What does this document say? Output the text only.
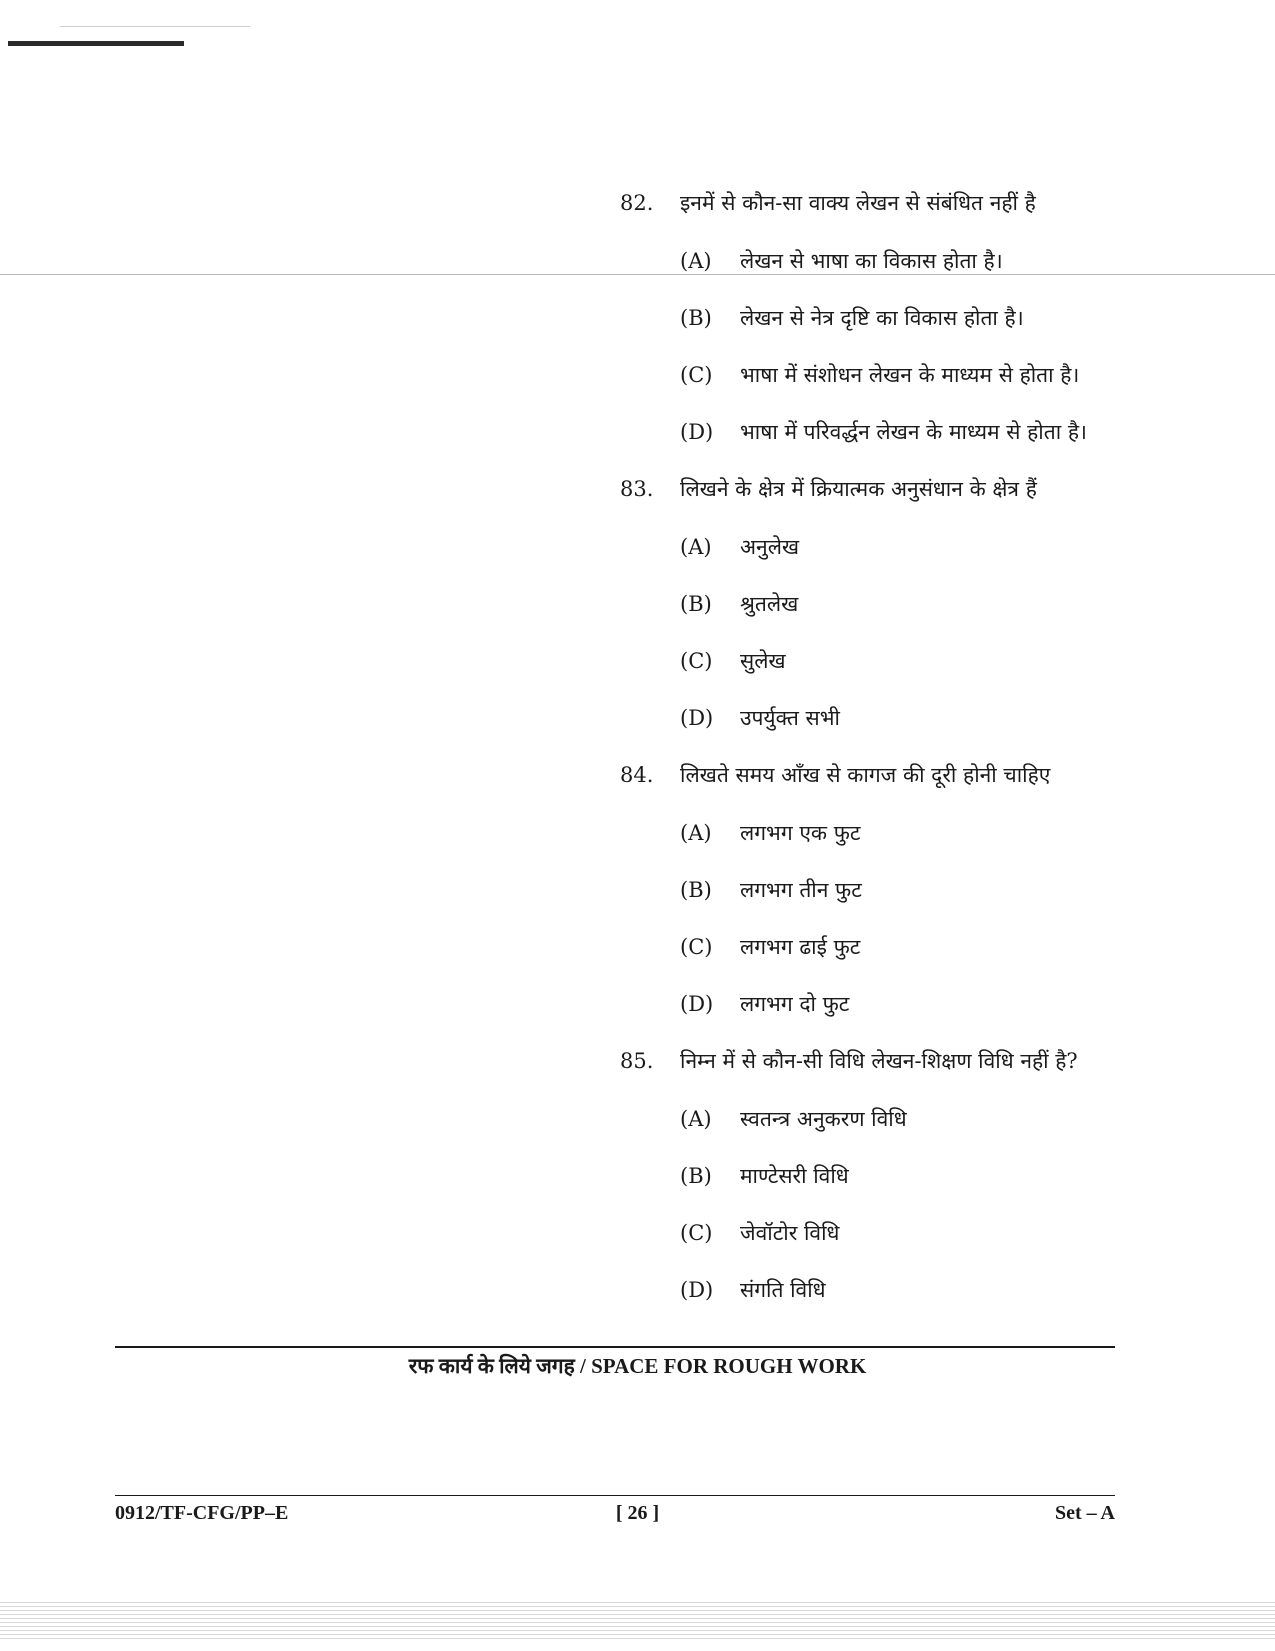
82.	इनमें से कौन-सा वाक्य लेखन से संबंधित नहीं है
(A)	लेखन से भाषा का विकास होता है।
(B)	लेखन से नेत्र दृष्टि का विकास होता है।
(C)	भाषा में संशोधन लेखन के माध्यम से होता है।
(D)	भाषा में परिवर्द्धन लेखन के माध्यम से होता है।
83.	लिखने के क्षेत्र में क्रियात्मक अनुसंधान के क्षेत्र हैं
(A)	अनुलेख
(B)	श्रुतलेख
(C)	सुलेख
(D)	उपर्युक्त सभी
84.	लिखते समय आँख से कागज की दूरी होनी चाहिए
(A)	लगभग एक फुट
(B)	लगभग तीन फुट
(C)	लगभग ढाई फुट
(D)	लगभग दो फुट
85.	निम्न में से कौन-सी विधि लेखन-शिक्षण विधि नहीं है?
(A)	स्वतन्त्र अनुकरण विधि
(B)	माण्टेसरी विधि
(C)	जेवॉटोर विधि
(D)	संगति विधि
रफ कार्य के लिये जगह / SPACE FOR ROUGH WORK
0912/TF-CFG/PP–E	[ 26 ]	Set – A
